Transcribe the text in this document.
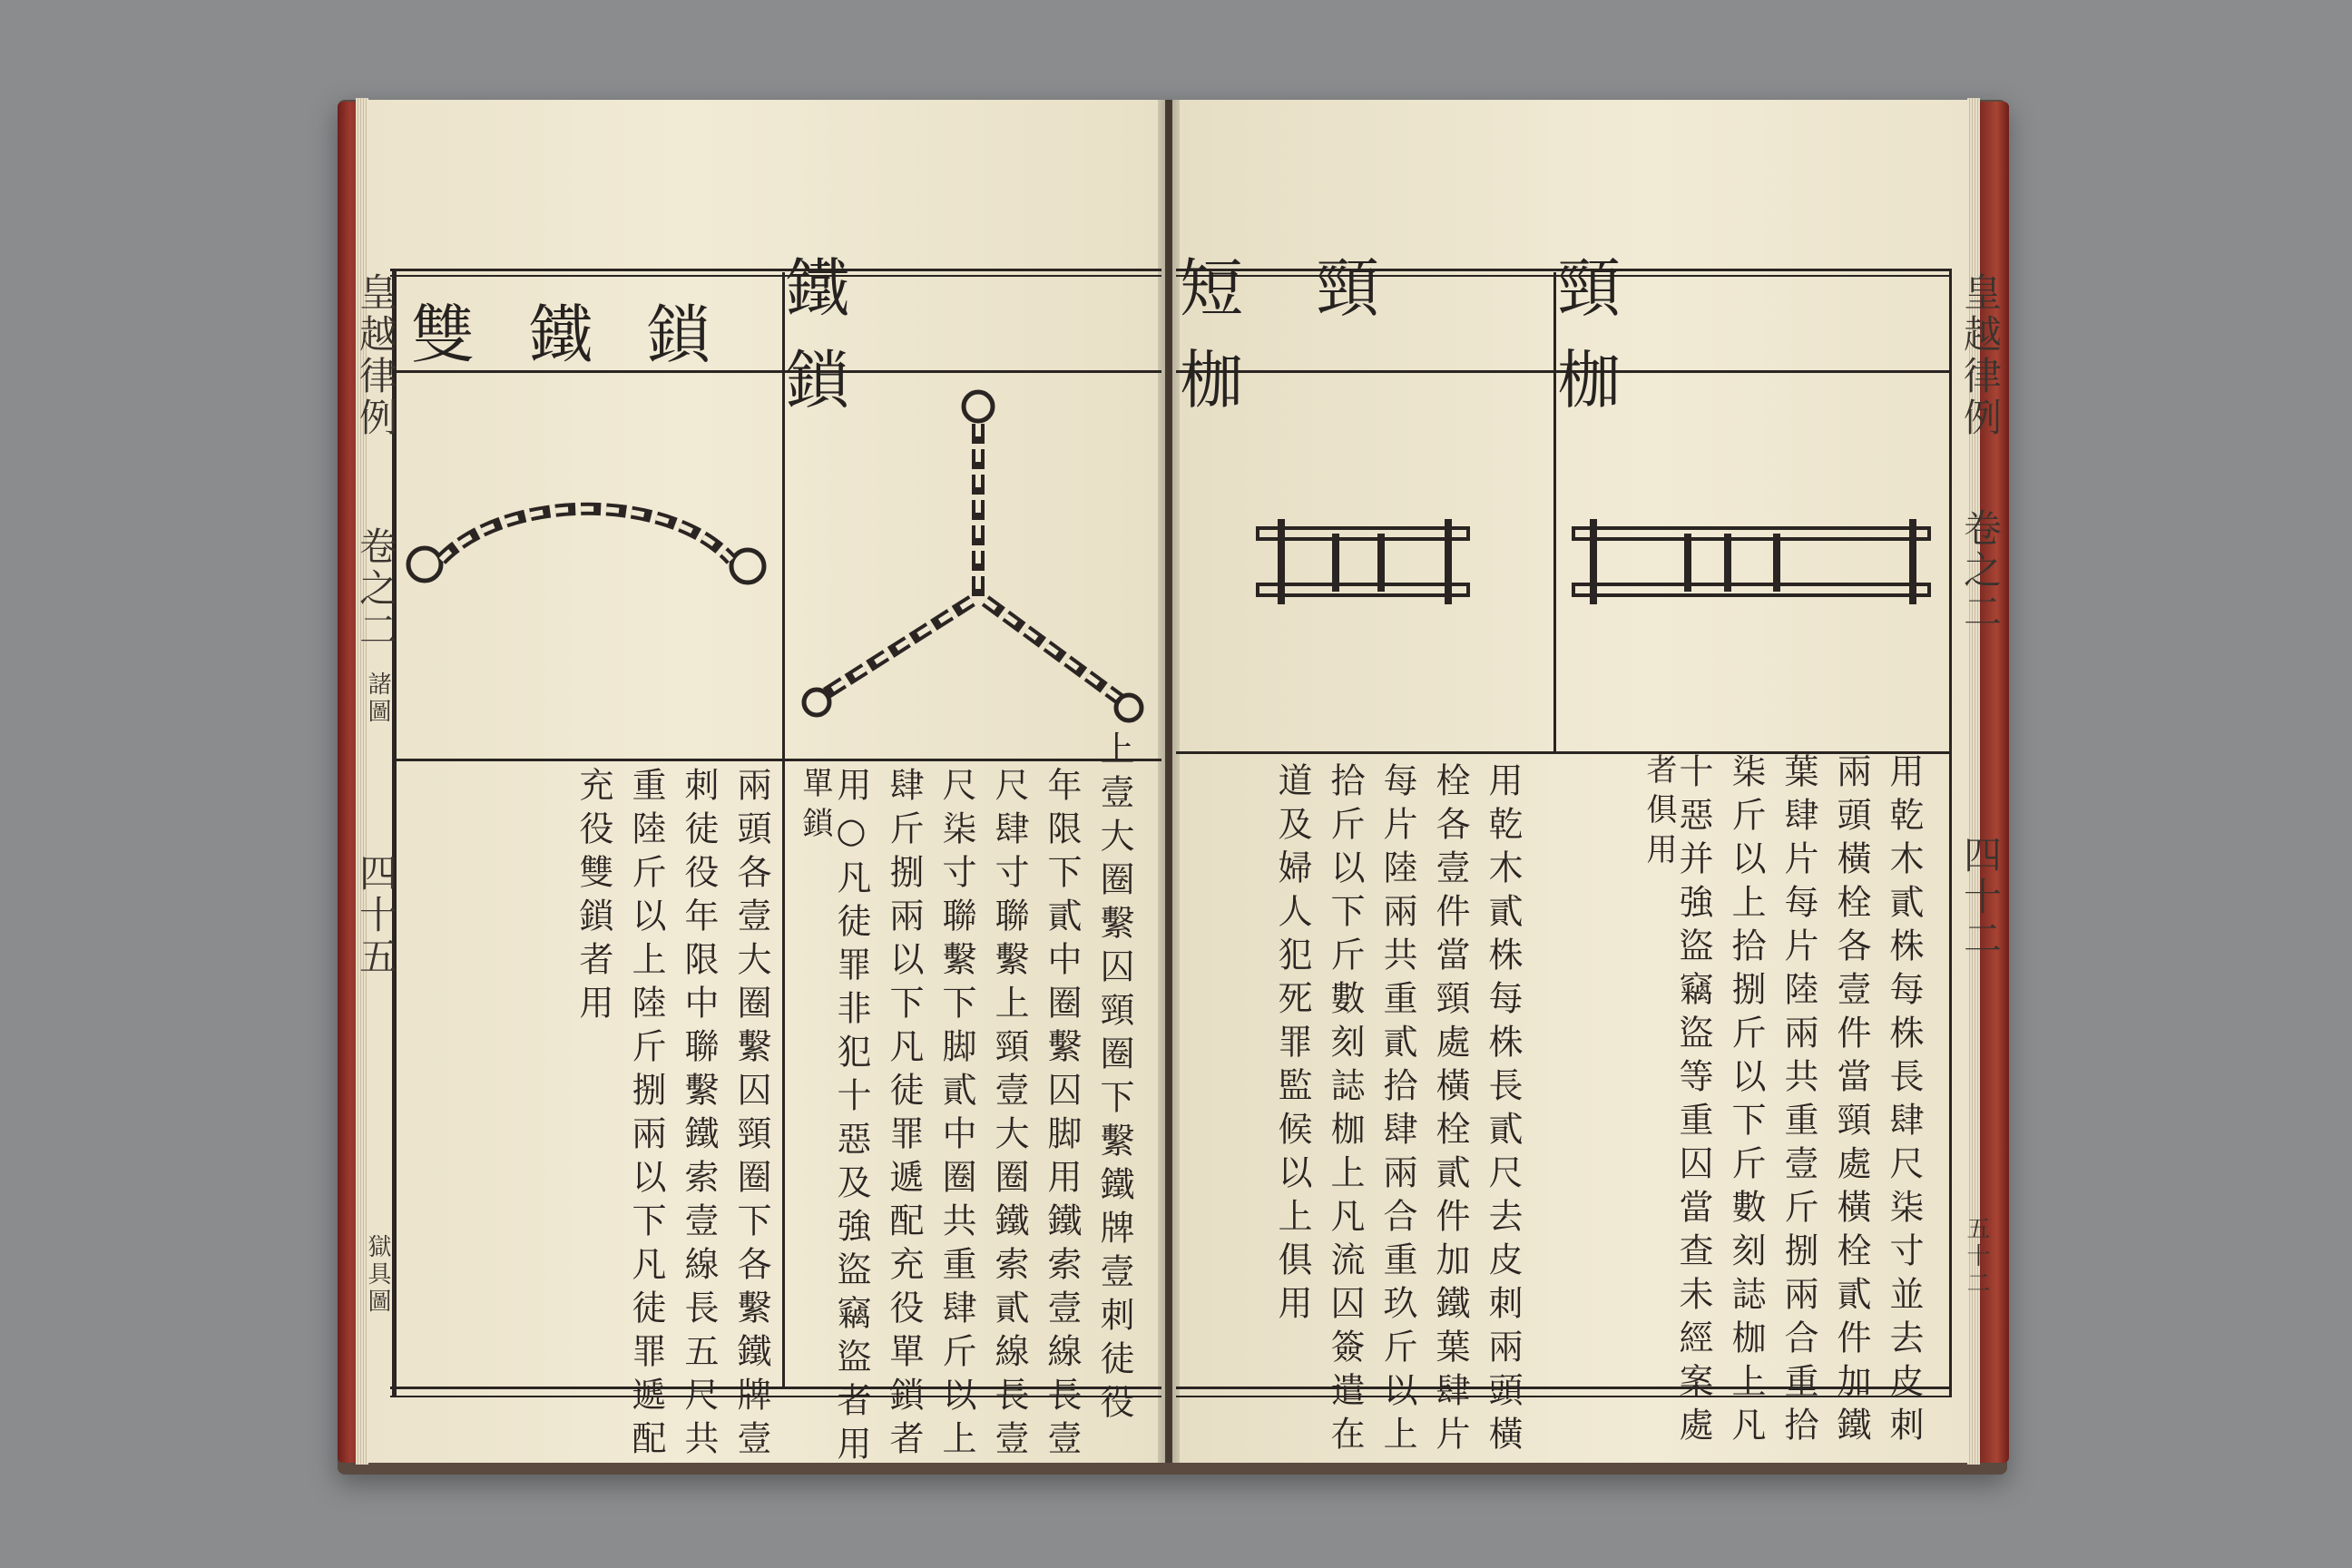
皇越律例
卷之二
諸圖
四十五
獄具圖
雙鐵鎖
鐵鎖
兩頭各壹大圈繫囚頸圈下各繫鐵牌壹
刺徒役年限中聯繫鐵索壹線長五尺共
重陸斤以上陸斤捌兩以下凡徒罪遞配
充役雙鎖者用	上壹大圈繫囚頸圈下繫鐵牌壹刺徒役
年限下貳中圈繫囚脚用鐵索壹線長壹
尺肆寸聯繫上頸壹大圈鐵索貳線長壹
尺柒寸聯繫下脚貳中圈共重肆斤以上
肆斤捌兩以下凡徒罪遞配充役單鎖者
用○凡徒罪非犯十惡及強盜竊盜者用
單鎖
皇越律例
卷之二
四十二
五十二
短頸枷
頸枷
用乾木貳株每株長貳尺去皮刺兩頭橫
栓各壹件當頸處橫栓貳件加鐵葉肆片
每片陸兩共重貳拾肆兩合重玖斤以上
拾斤以下斤數刻誌枷上凡流囚簽遣在
道及婦人犯死罪監候以上俱用	用乾木貳株每株長肆尺柒寸並去皮刺
兩頭橫栓各壹件當頸處橫栓貳件加鐵
葉肆片每片陸兩共重壹斤捌兩合重拾
柒斤以上拾捌斤以下斤數刻誌枷上凡
十惡并強盜竊盜等重囚當查未經案處
者俱用
